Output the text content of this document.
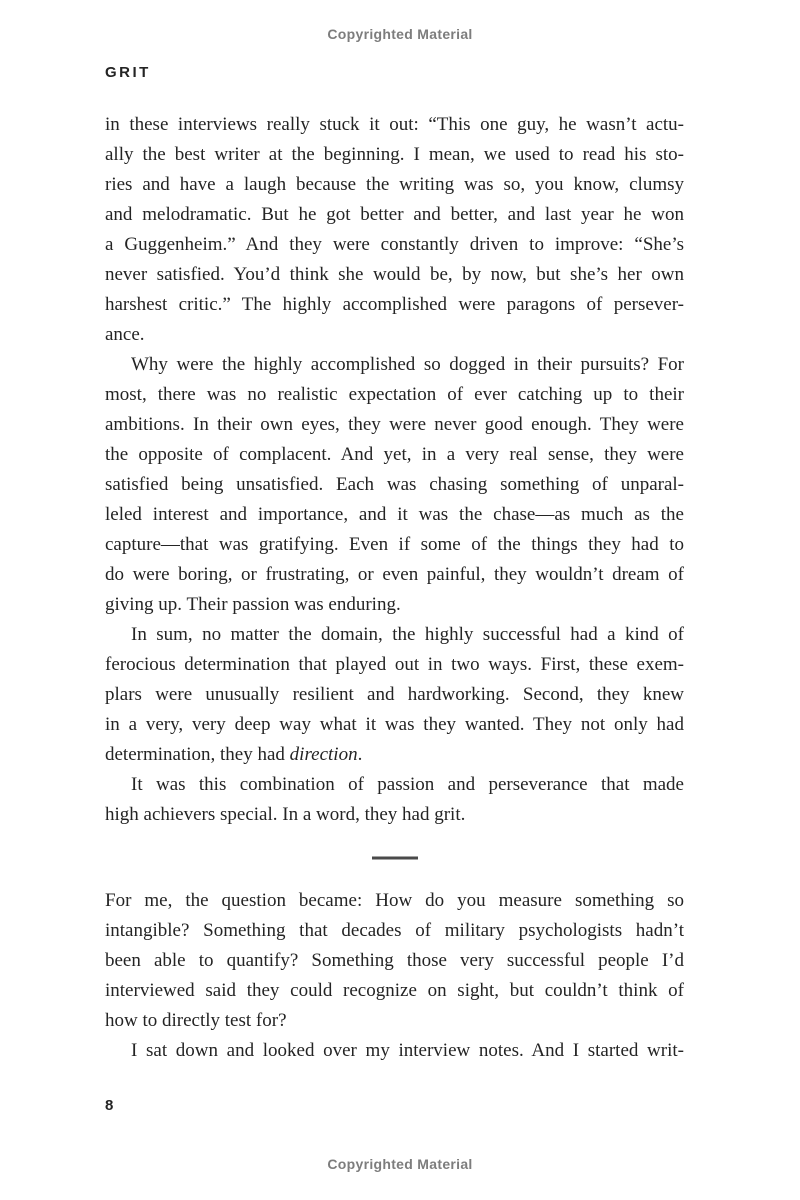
Copyrighted Material
GRIT
in these interviews really stuck it out: “This one guy, he wasn’t actu-
ally the best writer at the beginning. I mean, we used to read his sto-
ries and have a laugh because the writing was so, you know, clumsy
and melodramatic. But he got better and better, and last year he won
a Guggenheim.” And they were constantly driven to improve: “She’s
never satisfied. You’d think she would be, by now, but she’s her own
harshest critic.” The highly accomplished were paragons of persever-
ance.
Why were the highly accomplished so dogged in their pursuits? For
most, there was no realistic expectation of ever catching up to their
ambitions. In their own eyes, they were never good enough. They were
the opposite of complacent. And yet, in a very real sense, they were
satisfied being unsatisfied. Each was chasing something of unparal-
leled interest and importance, and it was the chase—as much as the
capture—that was gratifying. Even if some of the things they had to
do were boring, or frustrating, or even painful, they wouldn’t dream of
giving up. Their passion was enduring.
In sum, no matter the domain, the highly successful had a kind of
ferocious determination that played out in two ways. First, these exem-
plars were unusually resilient and hardworking. Second, they knew
in a very, very deep way what it was they wanted. They not only had
determination, they had direction.
It was this combination of passion and perseverance that made
high achievers special. In a word, they had grit.
For me, the question became: How do you measure something so
intangible? Something that decades of military psychologists hadn’t
been able to quantify? Something those very successful people I’d
interviewed said they could recognize on sight, but couldn’t think of
how to directly test for?
I sat down and looked over my interview notes. And I started writ-
8
Copyrighted Material
